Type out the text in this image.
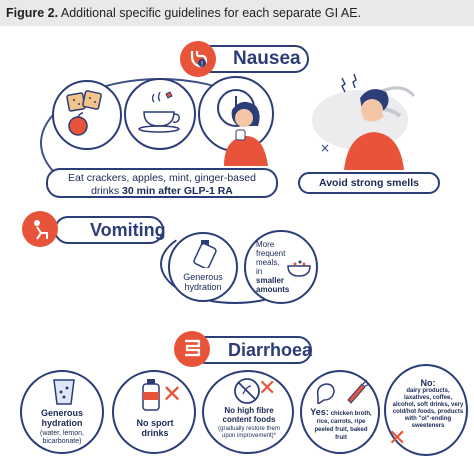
Figure 2. Additional specific guidelines for each separate GI AE.
Nausea
!
×
Eat crackers, apples, mint, ginger-based
drinks 30 min after GLP-1 RA
Avoid strong smells
Vomiting
Generous hydration
More
frequent
meals,
in
smaller
amounts
Diarrhoea
Generous hydration
(water, lemon, bicarbonate)
✕
No sport drinks
✕
No high fibre content foods
(gradually restore them upon improvement)*
Yes: chicken broth, rice, carrots, ripe peeled fruit, baked fruit
No:
dairy products, laxatives, coffee, alcohol, soft drinks, very cold/hot foods, products with "ol"-ending sweeteners
✕
